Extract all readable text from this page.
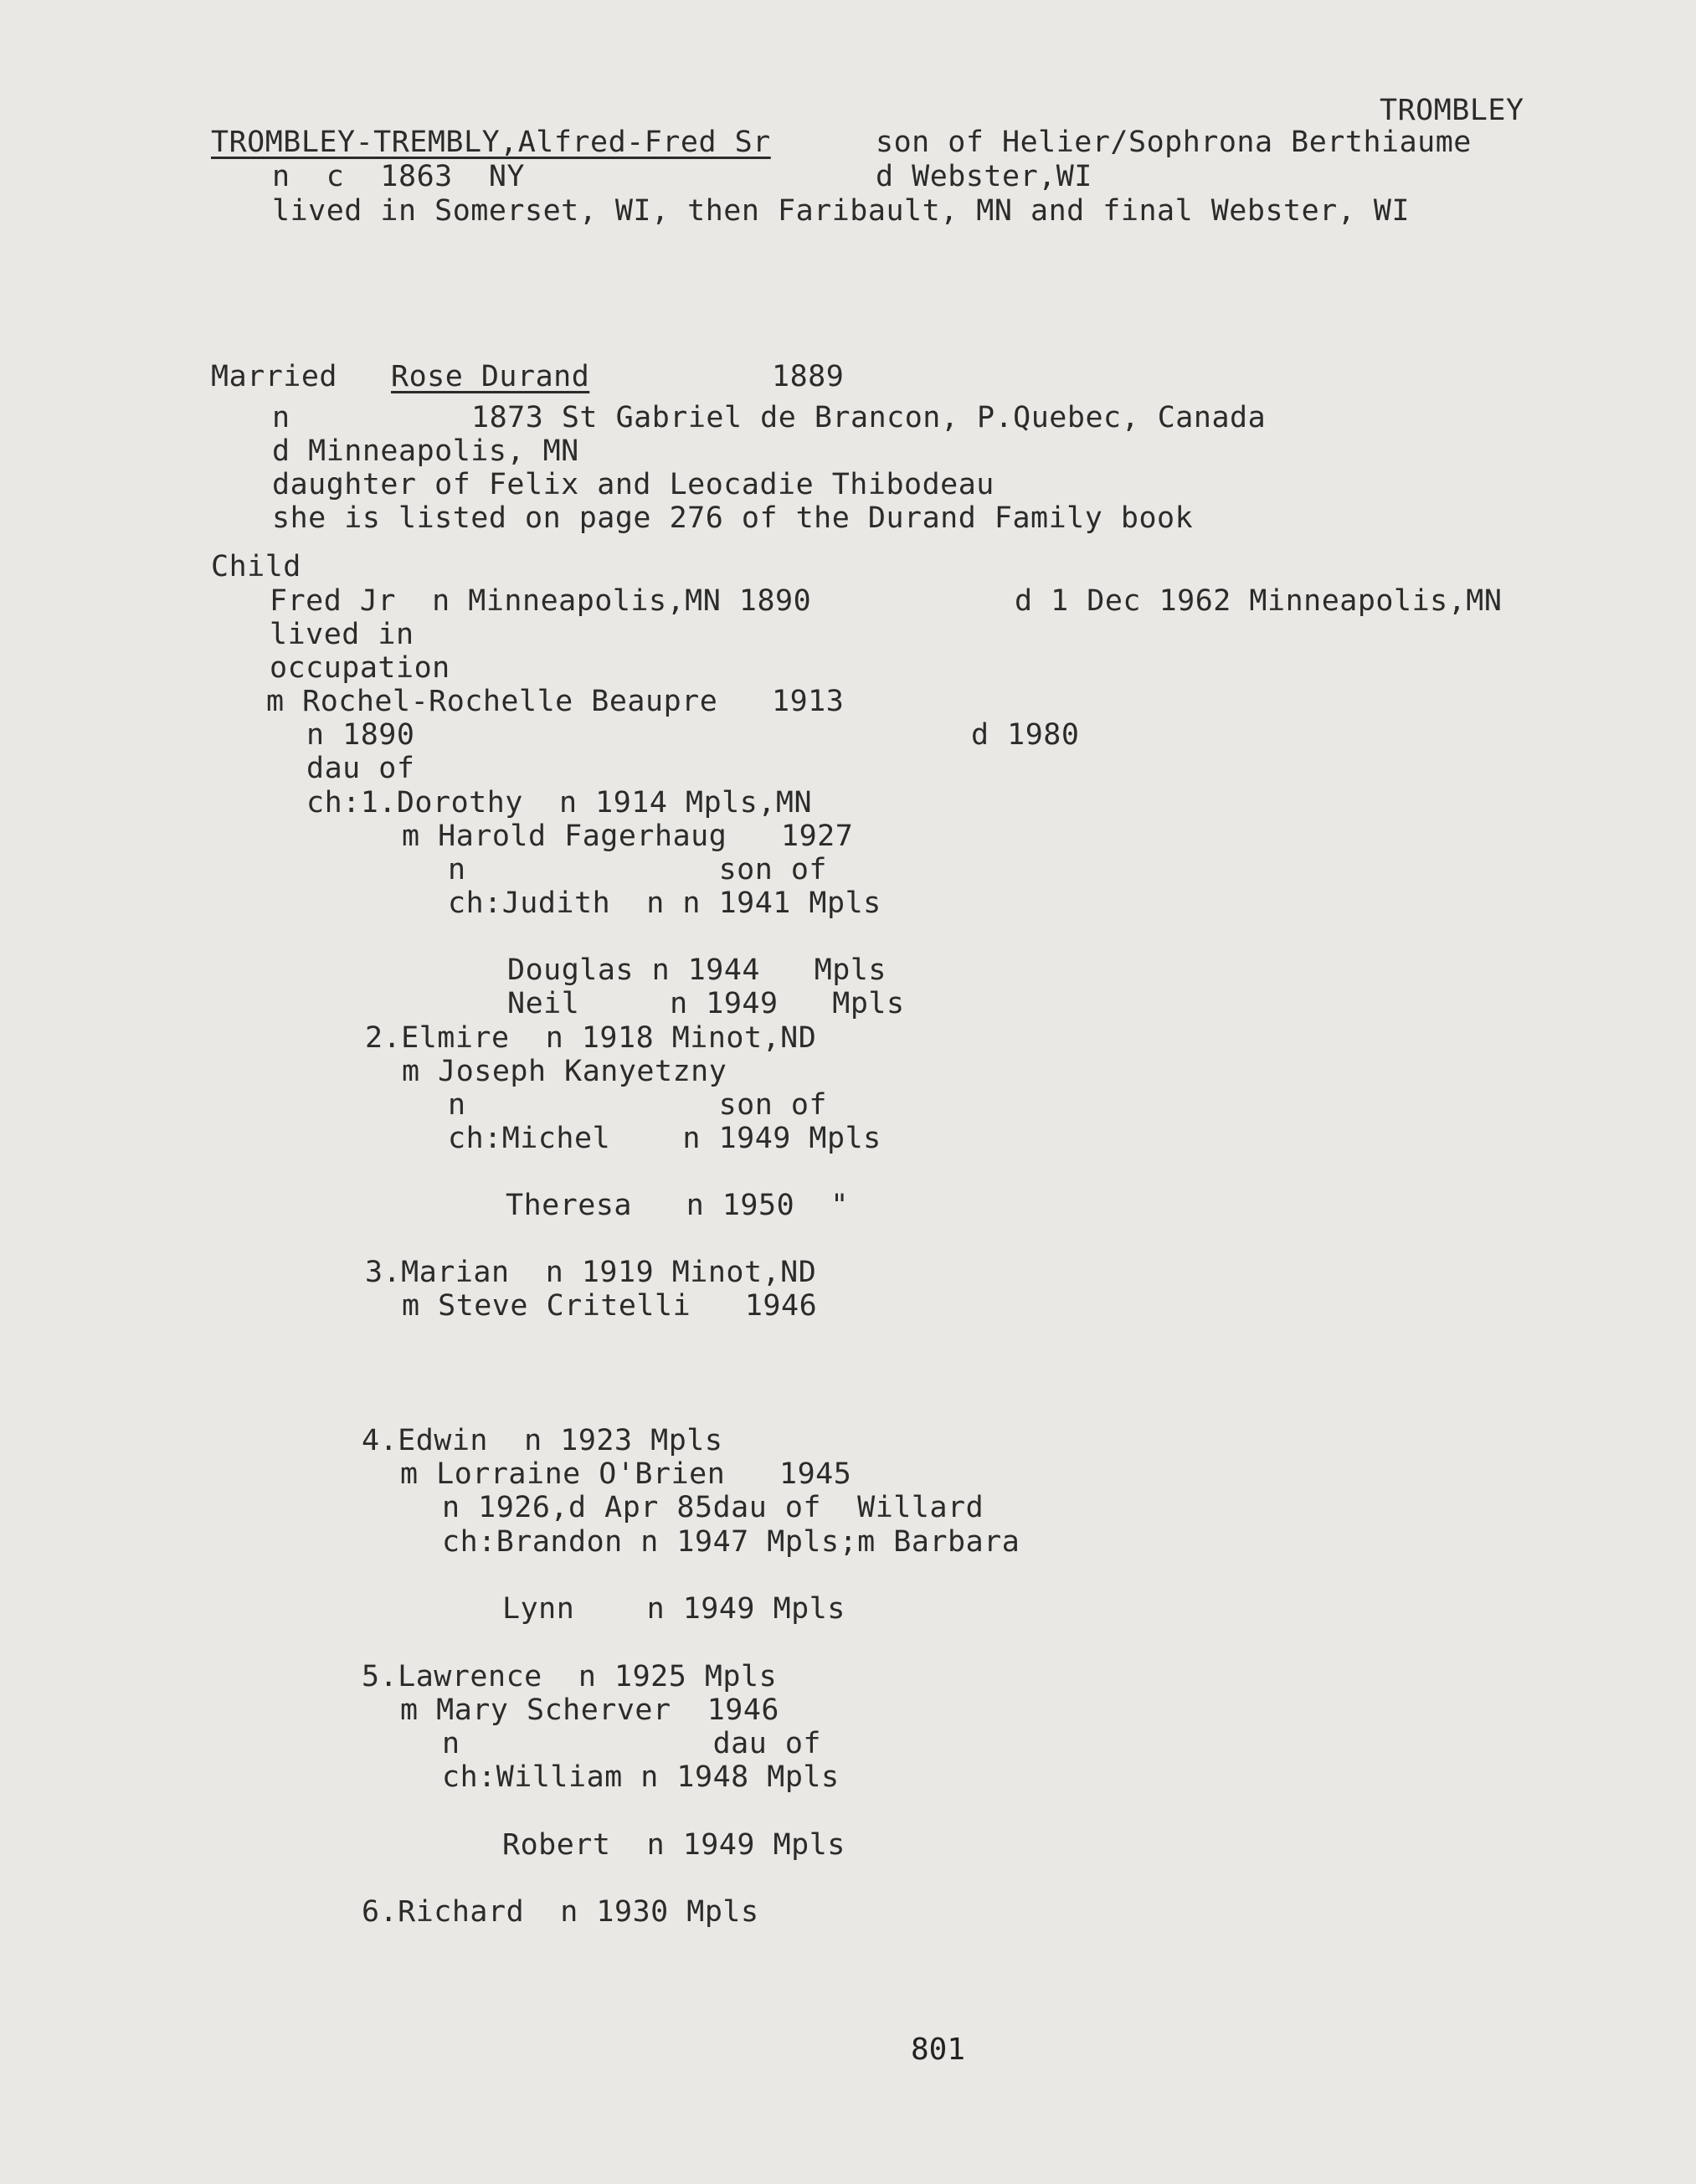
TROMBLEY
TROMBLEY-TREMBLY,Alfred-Fred Sr	son of Helier/Sophrona Berthiaume
n  c  1863  NY	d Webster,WI
lived in Somerset, WI, then Faribault, MN and final Webster, WI
Married Rose Durand	1889
n	1873 St Gabriel de Brancon, P.Quebec, Canada
d Minneapolis, MN
daughter of Felix and Leocadie Thibodeau
she is listed on page 276 of the Durand Family book
Child
Fred Jr  n Minneapolis,MN 1890	d 1 Dec 1962 Minneapolis,MN
lived in
occupation
m Rochel-Rochelle Beaupre   1913
n 1890	d 1980
dau of
ch:1.Dorothy  n 1914 Mpls,MN
m Harold Fagerhaug   1927
n              son of
ch:Judith  n n 1941 Mpls
Douglas n 1944   Mpls
Neil     n 1949   Mpls
2.Elmire  n 1918 Minot,ND
m Joseph Kanyetzny
n              son of
ch:Michel    n 1949 Mpls
Theresa   n 1950  "
3.Marian  n 1919 Minot,ND
m Steve Critelli   1946
4.Edwin  n 1923 Mpls
m Lorraine O'Brien   1945
n 1926,d Apr 85dau of  Willard
ch:Brandon n 1947 Mpls;m Barbara
Lynn    n 1949 Mpls
5.Lawrence  n 1925 Mpls
m Mary Scherver  1946
n              dau of
ch:William n 1948 Mpls
Robert  n 1949 Mpls
6.Richard  n 1930 Mpls
801
